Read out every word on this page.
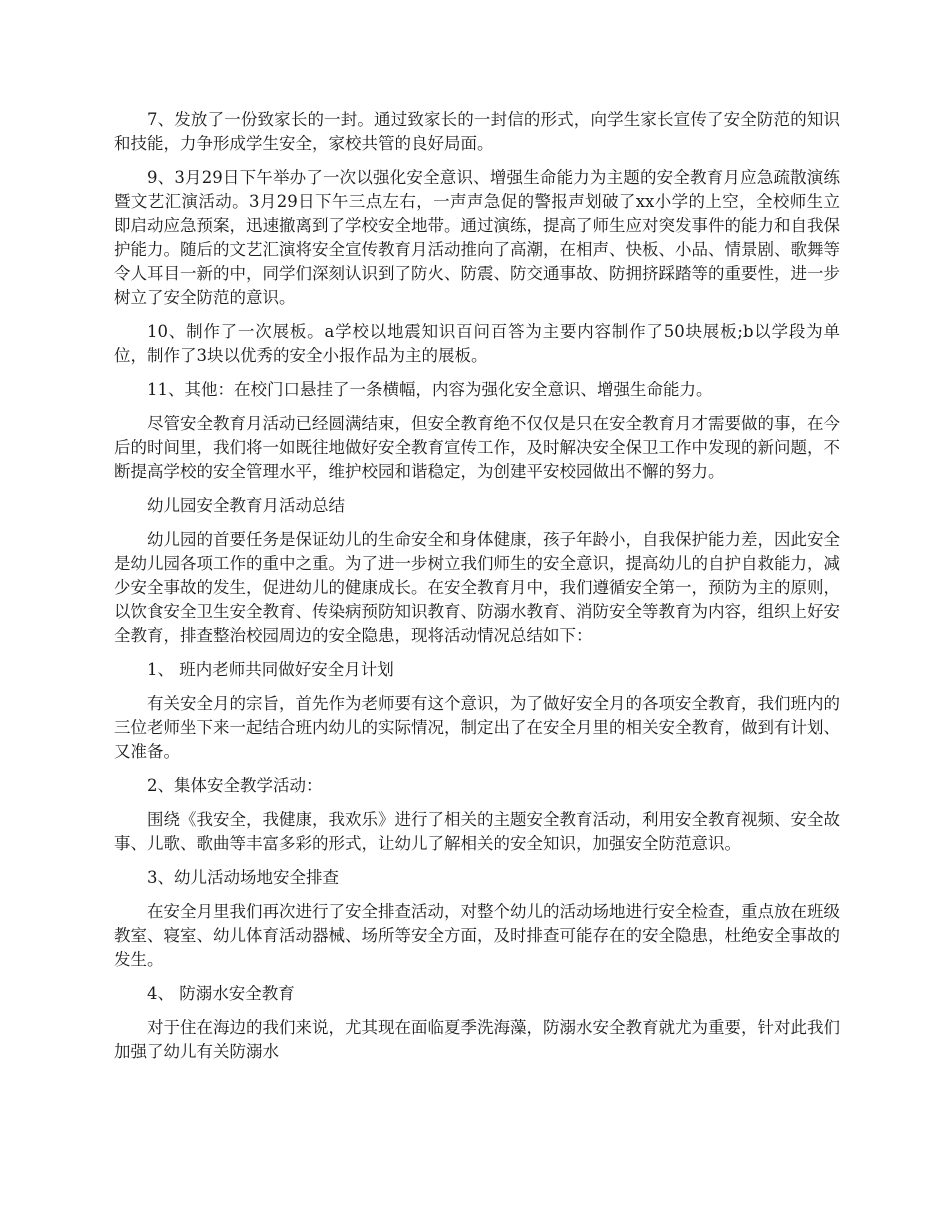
7、发放了一份致家长的一封。通过致家长的一封信的形式，向学生家长宣传了安全防范的知识和技能，力争形成学生安全，家校共管的良好局面。

9、3月29日下午举办了一次以强化安全意识、增强生命能力为主题的安全教育月应急疏散演练暨文艺汇演活动。3月29日下午三点左右，一声声急促的警报声划破了xx小学的上空，全校师生立即启动应急预案，迅速撤离到了学校安全地带。通过演练，提高了师生应对突发事件的能力和自我保护能力。随后的文艺汇演将安全宣传教育月活动推向了高潮，在相声、快板、小品、情景剧、歌舞等令人耳目一新的中，同学们深刻认识到了防火、防震、防交通事故、防拥挤踩踏等的重要性，进一步树立了安全防范的意识。

10、制作了一次展板。a学校以地震知识百问百答为主要内容制作了50块展板;b以学段为单位，制作了3块以优秀的安全小报作品为主的展板。

11、其他：在校门口悬挂了一条横幅，内容为强化安全意识、增强生命能力。

尽管安全教育月活动已经圆满结束，但安全教育绝不仅仅是只在安全教育月才需要做的事，在今后的时间里，我们将一如既往地做好安全教育宣传工作，及时解决安全保卫工作中发现的新问题，不断提高学校的安全管理水平，维护校园和谐稳定，为创建平安校园做出不懈的努力。

幼儿园安全教育月活动总结

幼儿园的首要任务是保证幼儿的生命安全和身体健康，孩子年龄小，自我保护能力差，因此安全是幼儿园各项工作的重中之重。为了进一步树立我们师生的安全意识，提高幼儿的自护自救能力，减少安全事故的发生，促进幼儿的健康成长。在安全教育月中，我们遵循安全第一，预防为主的原则，以饮食安全卫生安全教育、传染病预防知识教育、防溺水教育、消防安全等教育为内容，组织上好安全教育，排查整治校园周边的安全隐患，现将活动情况总结如下：

1、 班内老师共同做好安全月计划

有关安全月的宗旨，首先作为老师要有这个意识，为了做好安全月的各项安全教育，我们班内的三位老师坐下来一起结合班内幼儿的实际情况，制定出了在安全月里的相关安全教育，做到有计划、又准备。

2、集体安全教学活动：

围绕《我安全，我健康，我欢乐》进行了相关的主题安全教育活动，利用安全教育视频、安全故事、儿歌、歌曲等丰富多彩的形式，让幼儿了解相关的安全知识，加强安全防范意识。

3、幼儿活动场地安全排查

在安全月里我们再次进行了安全排查活动，对整个幼儿的活动场地进行安全检查，重点放在班级教室、寝室、幼儿体育活动器械、场所等安全方面，及时排查可能存在的安全隐患，杜绝安全事故的发生。

4、 防溺水安全教育

对于住在海边的我们来说，尤其现在面临夏季洗海藻，防溺水安全教育就尤为重要，针对此我们加强了幼儿有关防溺水
